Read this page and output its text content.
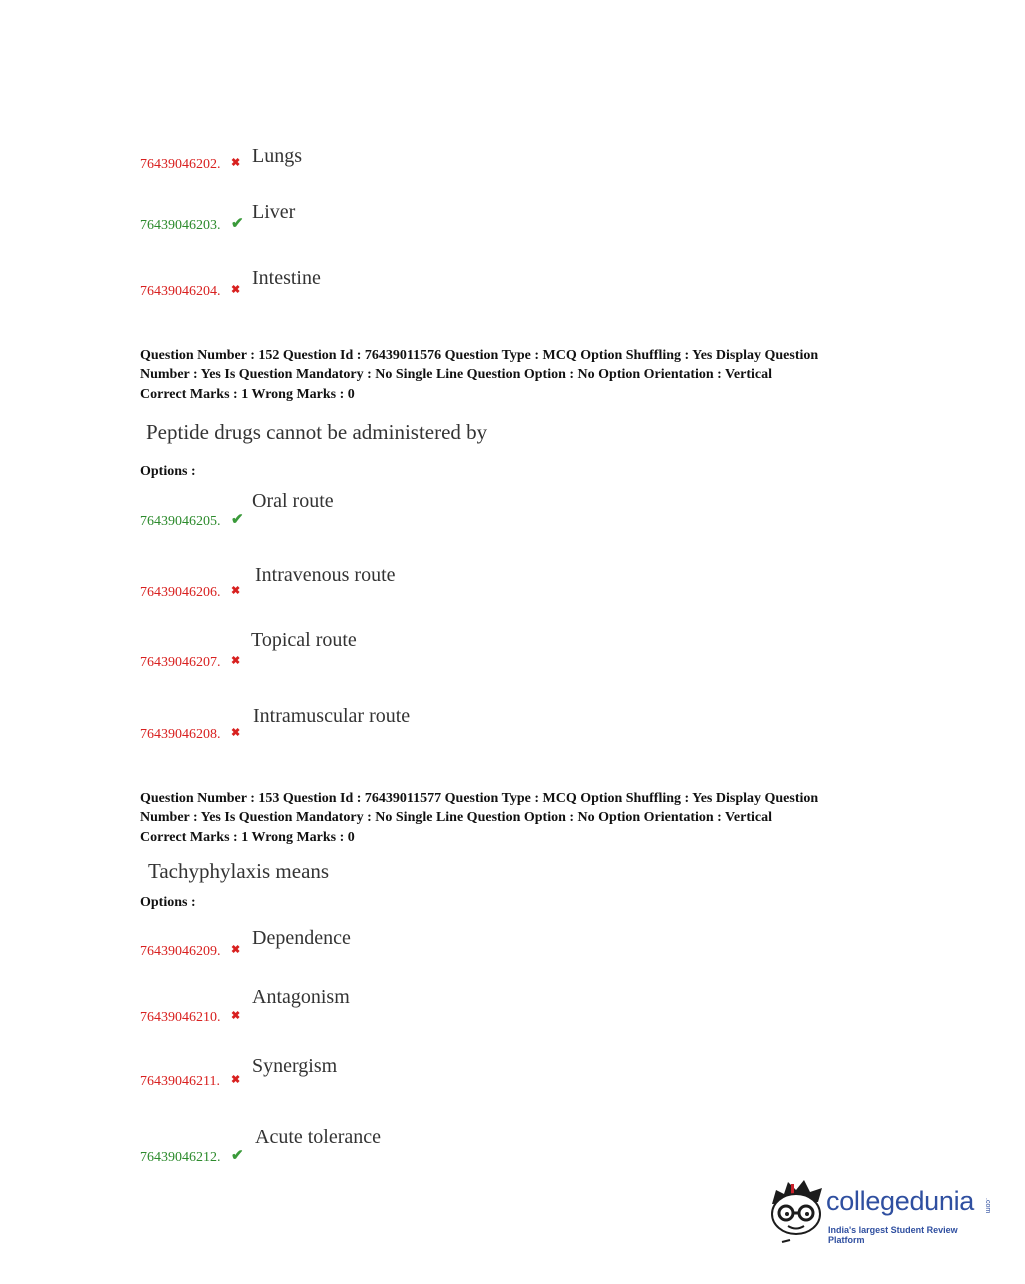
76439046202. ✖ Lungs
76439046203. ✔
Liver
76439046204. ✖
Intestine
Question Number : 152 Question Id : 76439011576 Question Type : MCQ Option Shuffling : Yes Display Question
Number : Yes Is Question Mandatory : No Single Line Question Option : No Option Orientation : Vertical
Correct Marks : 1 Wrong Marks : 0
Peptide drugs cannot be administered by
Options :
76439046205. ✔
Oral route
76439046206. ✖
Intravenous route
76439046207. ✖
Topical route
76439046208. ✖
Intramuscular route
Question Number : 153 Question Id : 76439011577 Question Type : MCQ Option Shuffling : Yes Display Question
Number : Yes Is Question Mandatory : No Single Line Question Option : No Option Orientation : Vertical
Correct Marks : 1 Wrong Marks : 0
Tachyphylaxis means
Options :
76439046209. ✖
Dependence
76439046210. ✖
Antagonism
76439046211. ✖
Synergism
76439046212. ✔
Acute tolerance
collegedunia .com
India's largest Student Review Platform
